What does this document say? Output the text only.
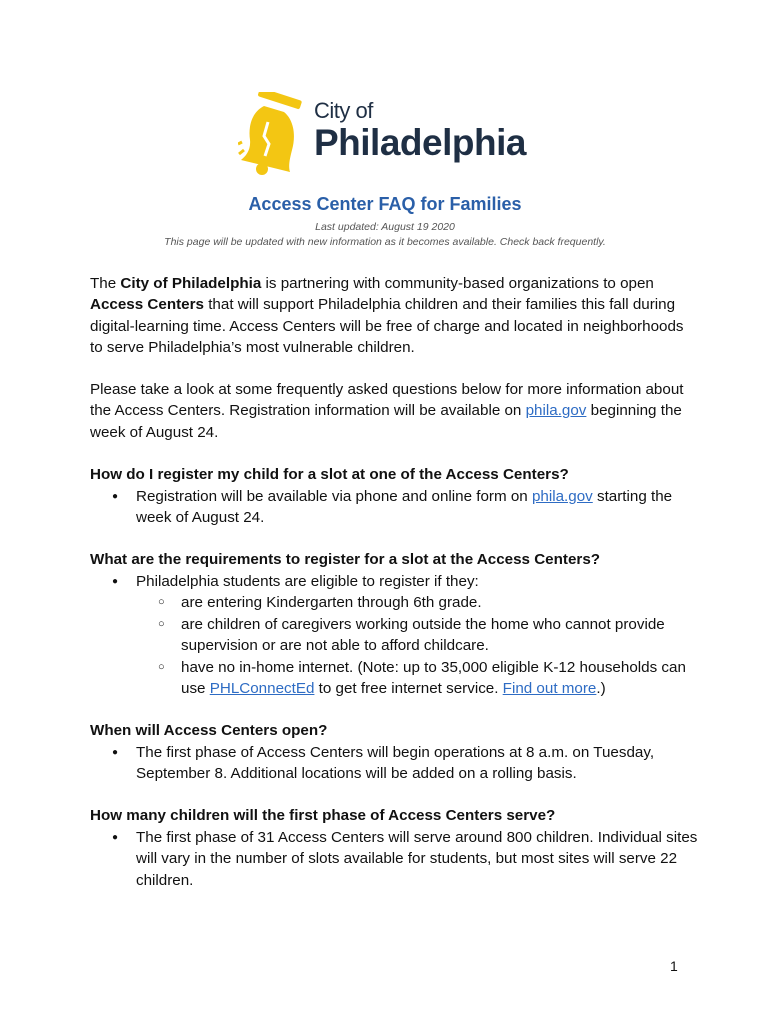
City of
Philadelphia
Access Center FAQ for Families
Last updated: August 19 2020
This page will be updated with new information as it becomes available. Check back frequently.
The City of Philadelphia is partnering with community-based organizations to open Access Centers that will support Philadelphia children and their families this fall during digital-learning time. Access Centers will be free of charge and located in neighborhoods to serve Philadelphia’s most vulnerable children.
Please take a look at some frequently asked questions below for more information about the Access Centers. Registration information will be available on phila.gov beginning the week of August 24.
How do I register my child for a slot at one of the Access Centers?
● Registration will be available via phone and online form on phila.gov starting the week of August 24.
What are the requirements to register for a slot at the Access Centers?
● Philadelphia students are eligible to register if they:
○ are entering Kindergarten through 6th grade.
○ are children of caregivers working outside the home who cannot provide supervision or are not able to afford childcare.
○ have no in-home internet. (Note: up to 35,000 eligible K-12 households can use PHLConnectEd to get free internet service. Find out more.)
When will Access Centers open?
● The first phase of Access Centers will begin operations at 8 a.m. on Tuesday, September 8. Additional locations will be added on a rolling basis.
How many children will the first phase of Access Centers serve?
● The first phase of 31 Access Centers will serve around 800 children. Individual sites will vary in the number of slots available for students, but most sites will serve 22 children.
1
